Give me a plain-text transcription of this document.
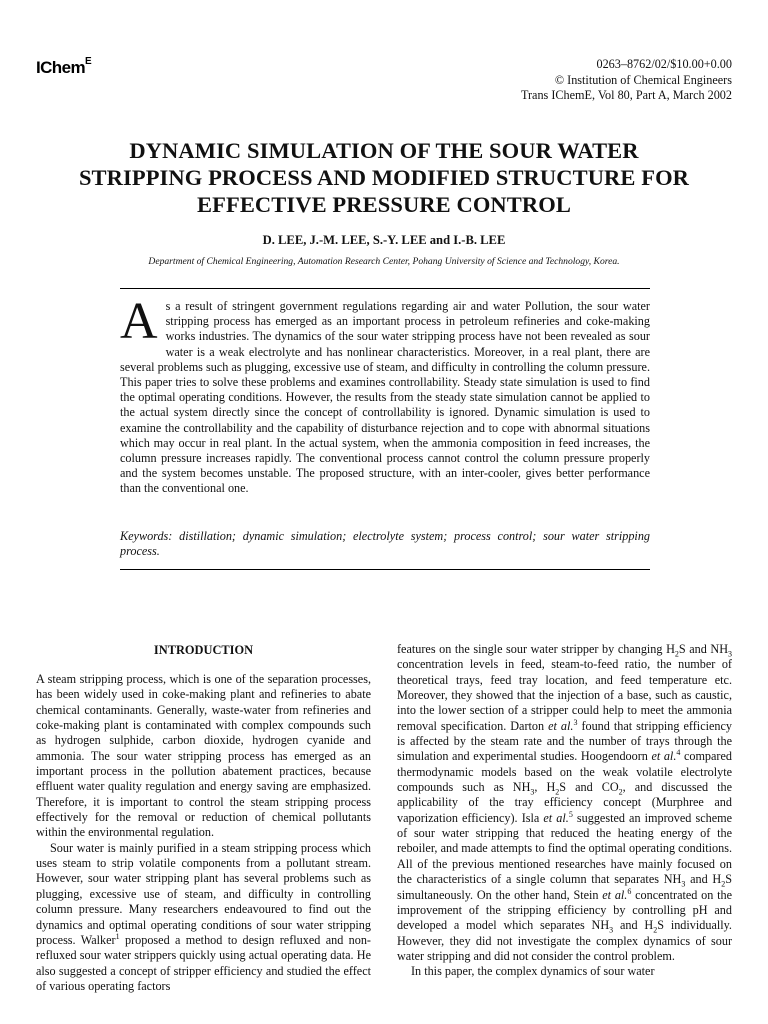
IChem$^E$	0263–8762/02/$10.00+0.00
© Institution of Chemical Engineers
Trans IChemE, Vol 80, Part A, March 2002
DYNAMIC SIMULATION OF THE SOUR WATER
STRIPPING PROCESS AND MODIFIED STRUCTURE FOR
EFFECTIVE PRESSURE CONTROL
D. LEE, J.-M. LEE, S.-Y. LEE and I.-B. LEE
Department of Chemical Engineering, Automation Research Center, Pohang University of Science and Technology, Korea.
As a result of stringent government regulations regarding air and water Pollution, the sour water stripping process has emerged as an important process in petroleum refineries and coke-making works industries. The dynamics of the sour water stripping process have not been revealed as sour water is a weak electrolyte and has nonlinear characteristics. Moreover, in a real plant, there are several problems such as plugging, excessive use of steam, and difficulty in controlling the column pressure. This paper tries to solve these problems and examines controllability. Steady state simulation is used to find the optimal operating conditions. However, the results from the steady state simulation cannot be applied to the actual system directly since the concept of controllability is ignored. Dynamic simulation is used to examine the controllability and the capability of disturbance rejection and to cope with abnormal situations which may occur in real plant. In the actual system, when the ammonia composition in feed increases, the column pressure increases rapidly. The conventional process cannot control the column pressure properly and the system becomes unstable. The proposed structure, with an inter-cooler, gives better performance than the conventional one.
Keywords: distillation; dynamic simulation; electrolyte system; process control; sour water stripping process.
INTRODUCTION

A steam stripping process, which is one of the separation processes, has been widely used in coke-making plant and refineries to abate chemical contaminants. Generally, waste-water from refineries and coke-making plant is contaminated with complex compounds such as hydrogen sulphide, carbon dioxide, hydrogen cyanide and ammonia. The sour water stripping process has emerged as an important process in the pollution abatement practices, because effluent water quality regulation and energy saving are emphasized. Therefore, it is important to control the steam stripping process effectively for the removal or reduction of chemical pollutants within the environmental regulation.

Sour water is mainly purified in a steam stripping process which uses steam to strip volatile components from a pollutant stream. However, sour water stripping plant has several problems such as plugging, excessive use of steam, and difficulty in controlling column pressure. Many researchers endeavoured to find out the dynamics and optimal operating conditions of sour water stripping process. Walker$^1$ proposed a method to design refluxed and non-refluxed sour water strippers quickly using actual operating data. He also suggested a concept of stripper efficiency and studied the effect of various operating factors

features on the single sour water stripper by changing $H_2S$ and $NH_3$ concentration levels in feed, steam-to-feed ratio, the number of theoretical trays, feed tray location, and feed temperature etc. Moreover, they showed that the injection of a base, such as caustic, into the lower section of a stripper could help to meet the ammonia removal specification. Darton et al.$^3$ found that stripping efficiency is affected by the steam rate and the number of trays through the simulation and experimental studies. Hoogendoorn et al.$^4$ compared thermodynamic models based on the weak volatile electrolyte compounds such as $NH_3$, $H_2S$ and $CO_2$, and discussed the applicability of the tray efficiency concept (Murphree and vaporization efficiency). Isla et al.$^5$ suggested an improved scheme of sour water stripping that reduced the heating energy of the reboiler, and made attempts to find the optimal operating conditions. All of the previous mentioned researches have mainly focused on the characteristics of a single column that separates $NH_3$ and $H_2S$ simultaneously. On the other hand, Stein et al.$^6$ concentrated on the improvement of the stripping efficiency by controlling pH and developed a model which separates $NH_3$ and $H_2S$ individually. However, they did not investigate the complex dynamics of sour water stripping and did not consider the control problem.

In this paper, the complex dynamics of sour water
